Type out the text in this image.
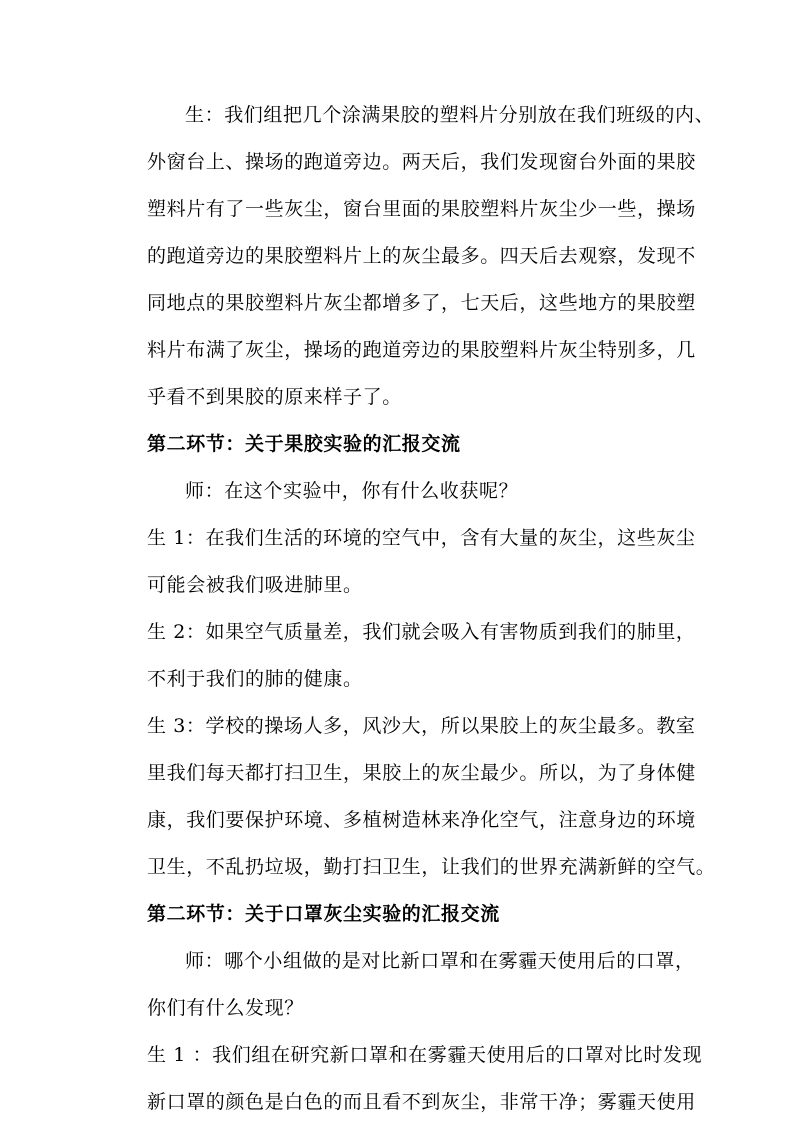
生：我们组把几个涂满果胶的塑料片分别放在我们班级的内、
外窗台上、操场的跑道旁边。两天后，我们发现窗台外面的果胶
塑料片有了一些灰尘，窗台里面的果胶塑料片灰尘少一些，操场
的跑道旁边的果胶塑料片上的灰尘最多。四天后去观察，发现不
同地点的果胶塑料片灰尘都增多了，七天后，这些地方的果胶塑
料片布满了灰尘，操场的跑道旁边的果胶塑料片灰尘特别多，几
乎看不到果胶的原来样子了。
第二环节：关于果胶实验的汇报交流
师：在这个实验中，你有什么收获呢？
生 1：在我们生活的环境的空气中，含有大量的灰尘，这些灰尘
可能会被我们吸进肺里。
生 2：如果空气质量差，我们就会吸入有害物质到我们的肺里，
不利于我们的肺的健康。
生 3：学校的操场人多，风沙大，所以果胶上的灰尘最多。教室
里我们每天都打扫卫生，果胶上的灰尘最少。所以，为了身体健
康，我们要保护环境、多植树造林来净化空气，注意身边的环境
卫生，不乱扔垃圾，勤打扫卫生，让我们的世界充满新鲜的空气。
第二环节：关于口罩灰尘实验的汇报交流
师：哪个小组做的是对比新口罩和在雾霾天使用后的口罩，
你们有什么发现？
生 1 ：我们组在研究新口罩和在雾霾天使用后的口罩对比时发现
新口罩的颜色是白色的而且看不到灰尘，非常干净；雾霾天使用
